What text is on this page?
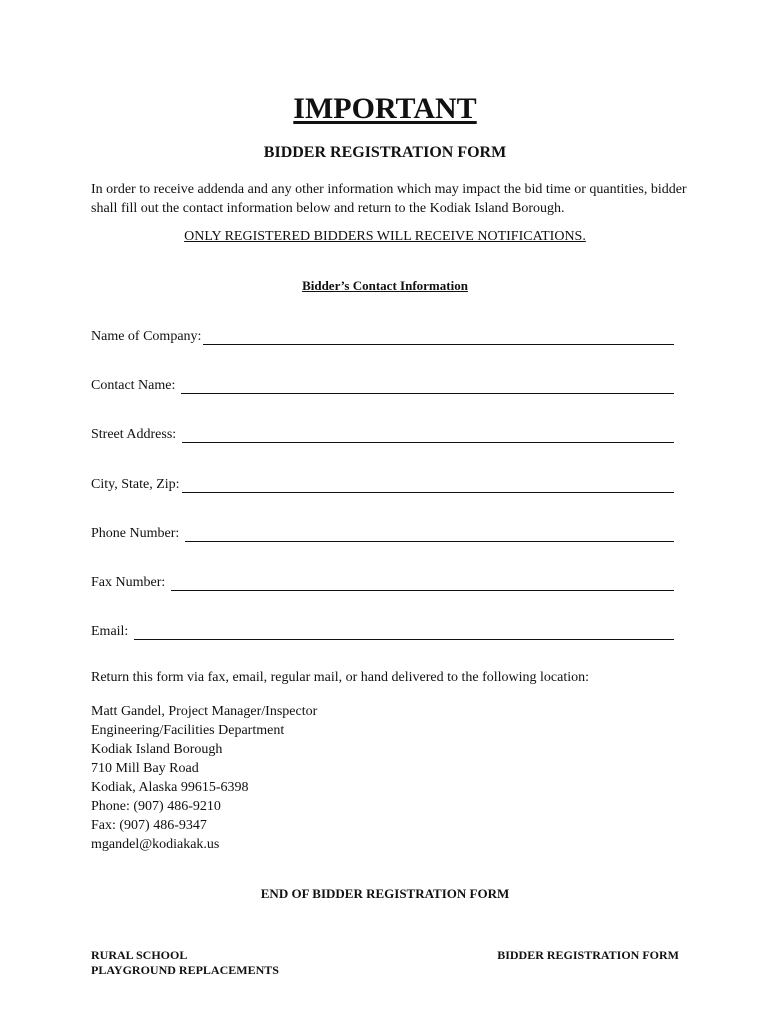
IMPORTANT
BIDDER REGISTRATION FORM
In order to receive addenda and any other information which may impact the bid time or quantities, bidder shall fill out the contact information below and return to the Kodiak Island Borough.
ONLY REGISTERED BIDDERS WILL RECEIVE NOTIFICATIONS.
Bidder’s Contact Information
Name of Company:
Contact Name:
Street Address:
City, State, Zip:
Phone Number:
Fax Number:
Email:
Return this form via fax, email, regular mail, or hand delivered to the following location:
Matt Gandel, Project Manager/Inspector
Engineering/Facilities Department
Kodiak Island Borough
710 Mill Bay Road
Kodiak, Alaska 99615-6398
Phone: (907) 486-9210
Fax: (907) 486-9347
mgandel@kodiakak.us
END OF BIDDER REGISTRATION FORM
RURAL SCHOOL
PLAYGROUND REPLACEMENTS
BIDDER REGISTRATION FORM
